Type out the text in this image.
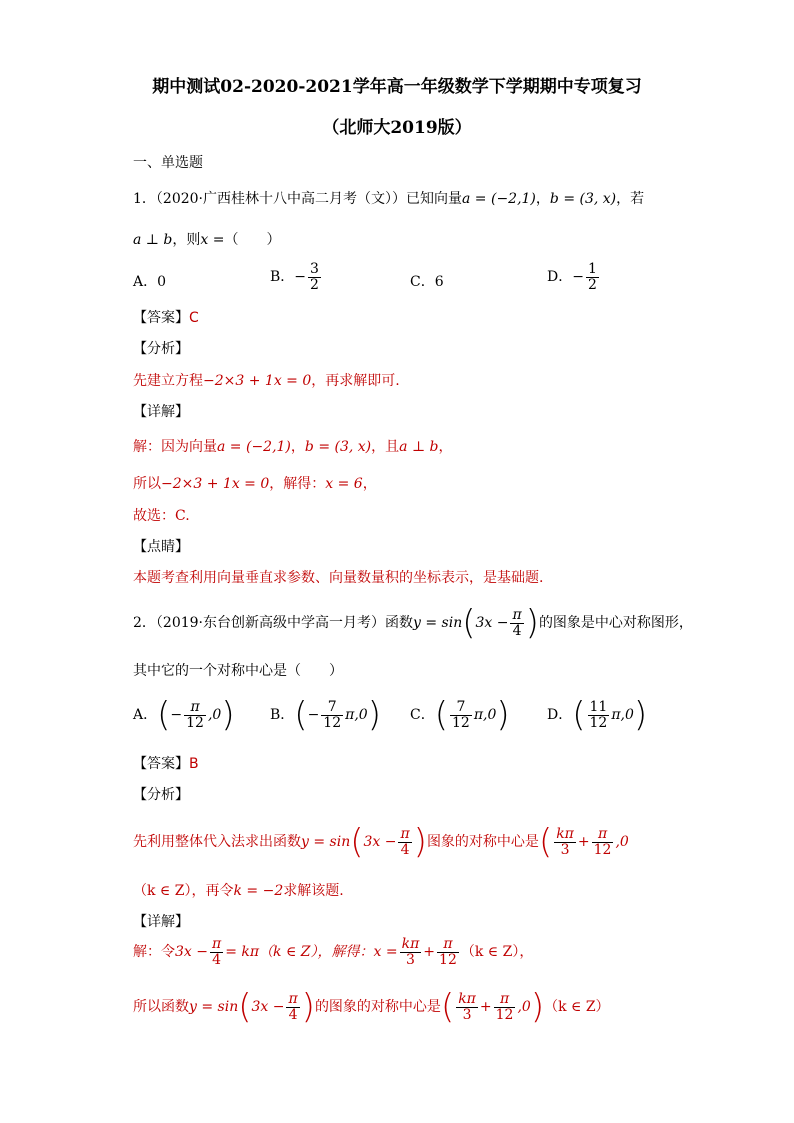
期中测试02-2020-2021学年高一年级数学下学期期中专项复习
（北师大2019版）
一、单选题
1．（2020·广西桂林十八中高二月考（文））已知向量a = (−2,1)，b = (3, x)，若
a ⊥ b，则x =（　　）
A．0	B．− $\frac{3}{2}$	C．6	D．− $\frac{1}{2}$
【答案】C
【分析】
先建立方程−2×3 + 1x = 0，再求解即可.
【详解】
解：因为向量a = (−2,1)，b = (3, x)，且a ⊥ b，
所以−2×3 + 1x = 0，解得：x = 6，
故选：C.
【点睛】
本题考查利用向量垂直求参数、向量数量积的坐标表示，是基础题.
2．（2019·东台创新高级中学高一月考）函数$y = \sin(3x - \frac{\pi}{4}$ )的图象是中心对称图形，
其中它的一个对称中心是（　　）
A．(− $\frac{\pi}{12} ,0$)	B．(− $\frac{7}{12} \pi,0$) C．( $\frac{7}{12} \pi,0$)	D．( $\frac{11}{12} \pi,0$)
【答案】B
【分析】
先利用整体代入法求出函数$y = \sin(3x - \frac{\pi}{4}$ )图象的对称中心是( $\frac{k\pi}{3} + \frac{\pi}{12} ,0$
（k ∈ Z），再令k = −2求解该题.
【详解】
解：令$3x - \frac{\pi}{4} = k\pi(k$ ∈ Z），解得：$x = \frac{k\pi}{3} + \frac{\pi}{12} (k$ ∈ Z），
所以函数$y = \sin(3x - \frac{\pi}{4}$ )的图象的对称中心是( $\frac{k\pi}{3} + \frac{\pi}{12} ,0)(k$ ∈ Z）
